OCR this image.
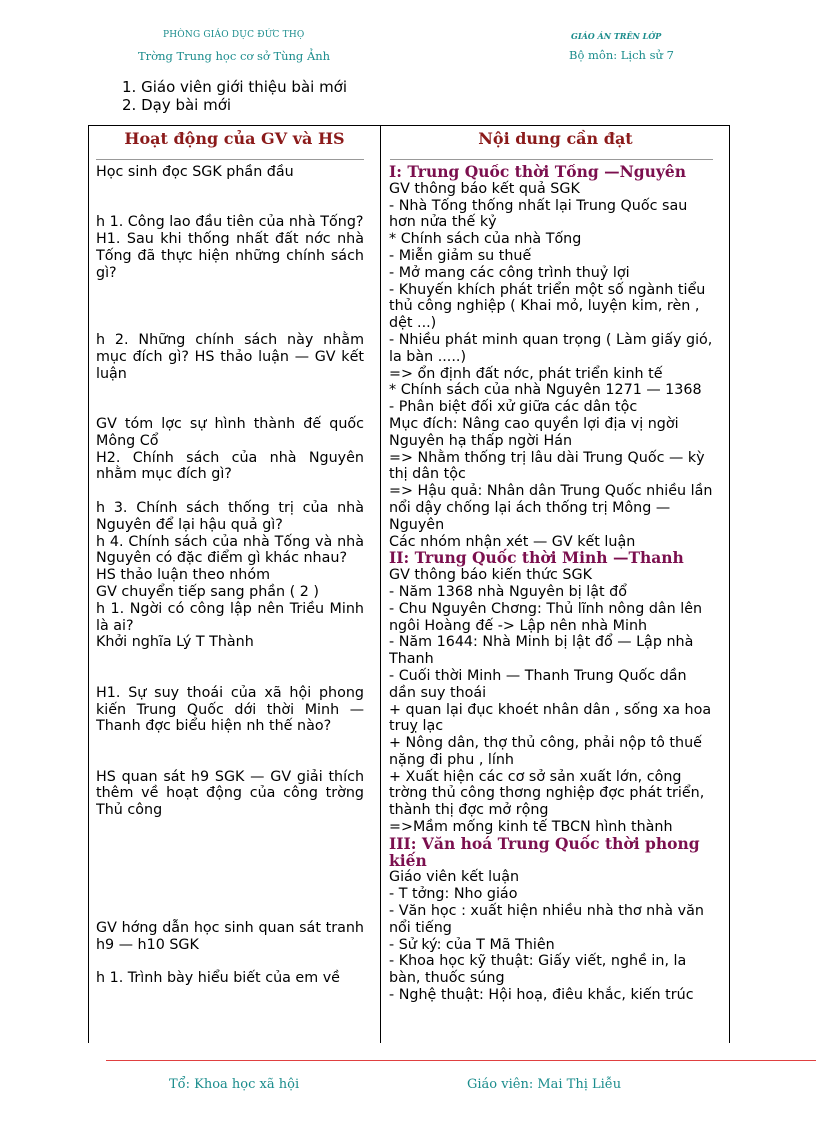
PHÒNG GIÁO DỤC ĐỨC THỌ
Trờng Trung học cơ sở Tùng Ảnh
GIÁO ÁN TRÊN LỚP
Bộ môn: Lịch sử 7
1. Giáo viên giới thiệu bài mới
2. Dạy bài mới
Hoạt động của GV và HS	Nội dung cần đạt
Học sinh đọc SGK phần đầu

h 1. Công lao đầu tiên của nhà Tống?
H1. Sau khi thống nhất đất nớc nhà Tống đã thực hiện những chính sách gì?

h 2. Những chính sách này nhằm mục đích gì? HS thảo luận — GV kết luận

GV tóm lợc sự hình thành đế quốc Mông Cổ
H2. Chính sách của nhà Nguyên nhằm mục đích gì?

h 3. Chính sách thống trị của nhà Nguyên để lại hậu quả gì?
h 4. Chính sách của nhà Tống và nhà Nguyên có đặc điểm gì khác nhau?
HS thảo luận theo nhóm
GV chuyển tiếp sang phần ( 2 )
h 1. Ngời có công lập nên Triều Minh là ai?
Khởi nghĩa Lý T Thành

H1. Sự suy thoái của xã hội phong kiến Trung Quốc dới thời Minh — Thanh đợc biểu hiện nh thế nào?

HS quan sát h9 SGK — GV giải thích thêm về hoạt động của công trờng Thủ công

GV hớng dẫn học sinh quan sát tranh h9 — h10 SGK

h 1. Trình bày hiểu biết của em về
I: Trung Quốc thời Tống —Nguyên
GV thông báo kết quả SGK
- Nhà Tống thống nhất lại Trung Quốc sau hơn nửa thế kỷ
* Chính sách của nhà Tống
- Miễn giảm su thuế
- Mở mang các công trình thuỷ lợi
- Khuyến khích phát triển một số ngành tiểu thủ công nghiệp ( Khai mỏ, luyện kim, rèn , dệt ...)
- Nhiều phát minh quan trọng ( Làm giấy gió, la bàn .....)
=> ổn định đất nớc, phát triển kinh tế
* Chính sách của nhà Nguyên 1271 — 1368
- Phân biệt đối xử giữa các dân tộc
Mục đích: Nâng cao quyền lợi địa vị ngời Nguyên hạ thấp ngời Hán
=> Nhằm thống trị lâu dài Trung Quốc — kỳ thị dân tộc
=> Hậu quả: Nhân dân Trung Quốc nhiều lần nổi dậy chống lại ách thống trị Mông — Nguyên
Các nhóm nhận xét — GV kết luận
II: Trung Quốc thời Minh —Thanh
GV thông báo kiến thức SGK
- Năm 1368 nhà Nguyên bị lật đổ
- Chu Nguyên Chơng: Thủ lĩnh nông dân lên ngôi Hoàng đế -> Lập nên nhà Minh
- Năm 1644: Nhà Minh bị lật đổ — Lập nhà Thanh
- Cuối thời Minh — Thanh Trung Quốc dần dần suy thoái
+ quan lại đục khoét nhân dân , sống xa hoa truỵ lạc
+ Nông dân, thợ thủ công, phải nộp tô thuế nặng đi phu , lính
+ Xuất hiện các cơ sở sản xuất lớn, công trờng thủ công thơng nghiệp đợc phát triển, thành thị đợc mở rộng
=>Mầm mống kinh tế TBCN hình thành
III: Văn hoá Trung Quốc thời phong kiến
Giáo viên kết luận
- T tởng: Nho giáo
- Văn học : xuất hiện nhiều nhà thơ nhà văn nổi tiếng
- Sử ký: của T Mã Thiên
- Khoa học kỹ thuật: Giấy viết, nghề in, la bàn, thuốc súng
- Nghệ thuật: Hội hoạ, điêu khắc, kiến trúc
Tổ: Khoa học xã hội	Giáo viên: Mai Thị Liễu
